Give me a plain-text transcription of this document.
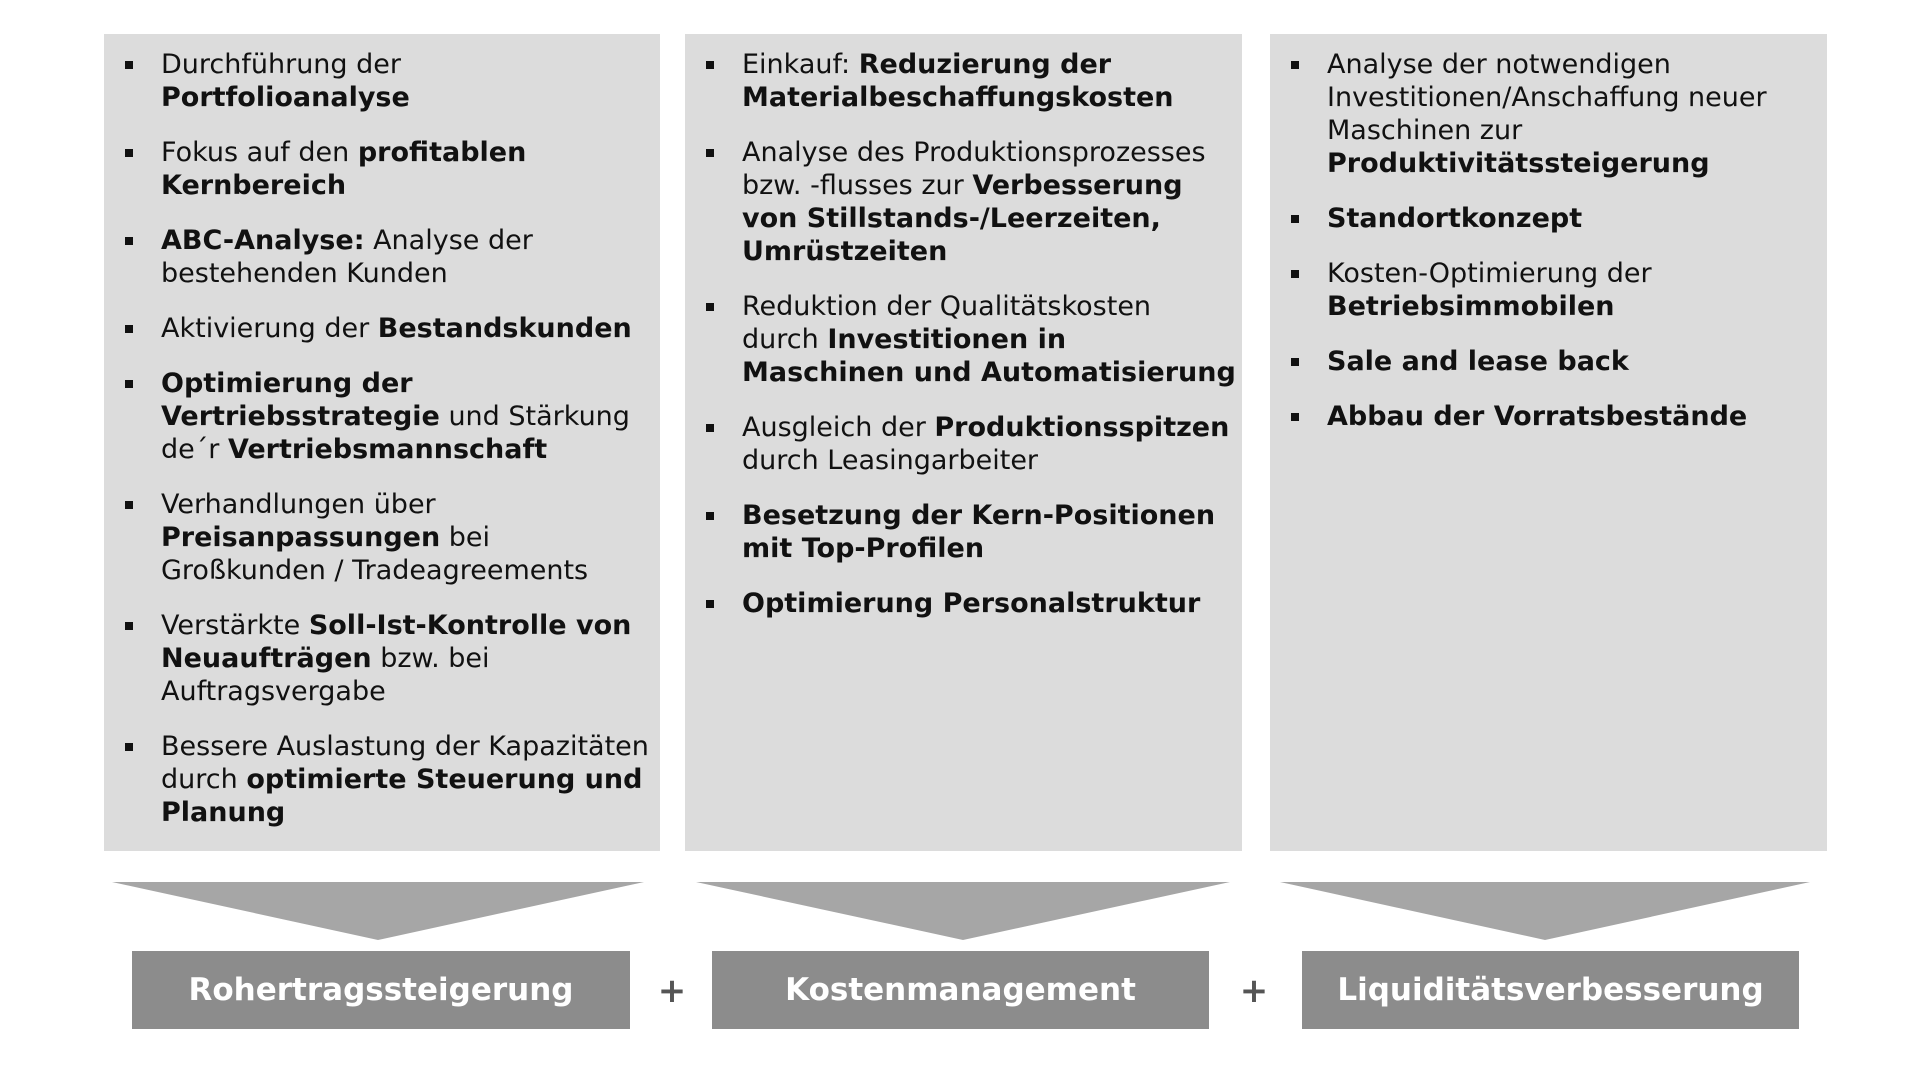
Durchführung der Portfolioanalyse
Fokus auf den profitablen Kernbereich
ABC-Analyse: Analyse der bestehenden Kunden
Aktivierung der Bestandskunden
Optimierung der Vertriebsstrategie und Stärkung de´r Vertriebsmannschaft
Verhandlungen über Preisanpassungen bei Großkunden / Tradeagreements
Verstärkte Soll-Ist-Kontrolle von Neuaufträgen bzw. bei Auftragsvergabe
Bessere Auslastung der Kapazitäten durch optimierte Steuerung und Planung
Einkauf: Reduzierung der Materialbeschaffungskosten
Analyse des Produktionsprozesses bzw. -flusses zur Verbesserung von Stillstands-/Leerzeiten, Umrüstzeiten
Reduktion der Qualitätskosten durch Investitionen in Maschinen und Automatisierung
Ausgleich der Produktionsspitzen durch Leasingarbeiter
Besetzung der Kern-Positionen mit Top-Profilen
Optimierung Personalstruktur
Analyse der notwendigen Investitionen/Anschaffung neuer Maschinen zur Produktivitätssteigerung
Standortkonzept
Kosten-Optimierung der Betriebsimmobilen
Sale and lease back
Abbau der Vorratsbestände
Rohertragssteigerung	+	Kostenmanagement	+	Liquiditätsverbesserung
